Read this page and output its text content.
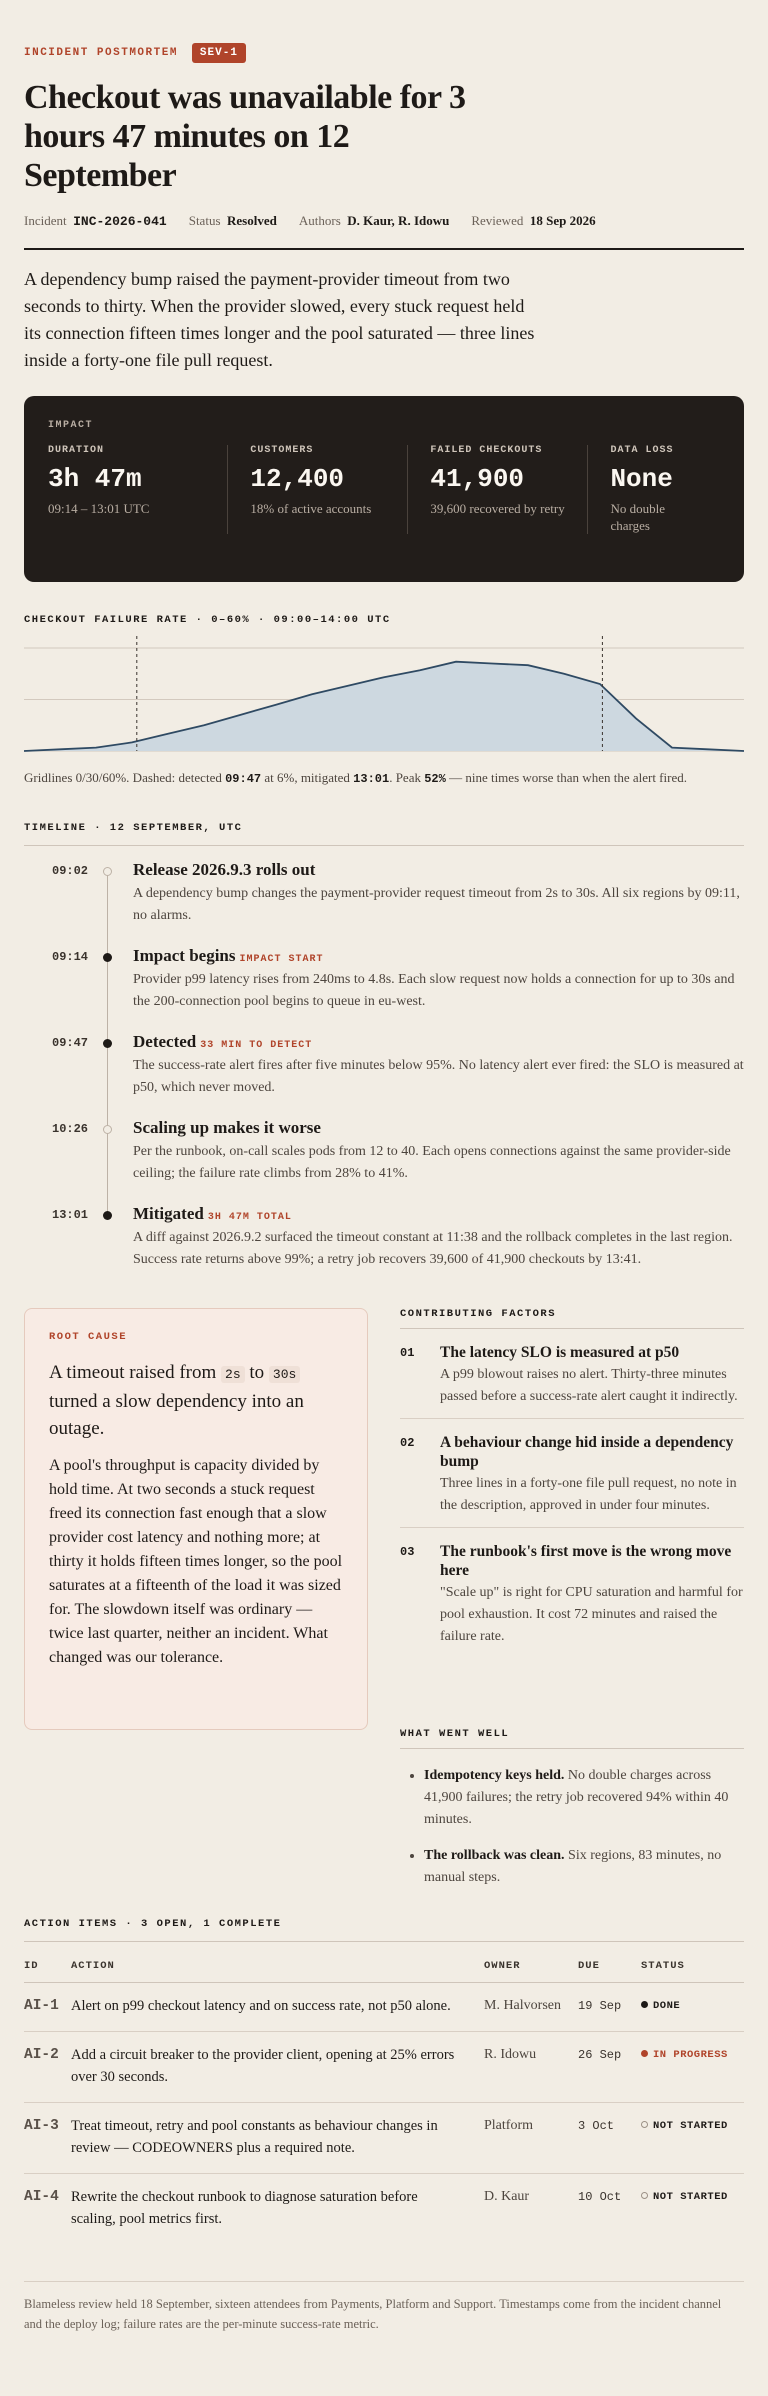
INCIDENT POSTMORTEM	SEV-1
Checkout was unavailable for 3 hours 47 minutes on 12 September
Incident INC-2026-041 Status Resolved Authors D. Kaur, R. Idowu Reviewed 18 Sep 2026

A dependency bump raised the payment-provider timeout from two seconds to thirty. When the provider slowed, every stuck request held its connection fifteen times longer and the pool saturated — three lines inside a forty-one file pull request.

IMPACT
DURATION
3h 47m
09:14 – 13:01 UTC
CUSTOMERS
12,400
18% of active accounts
FAILED CHECKOUTS
41,900
39,600 recovered by retry
DATA LOSS
None
No double charges
CHECKOUT FAILURE RATE · 0–60% · 09:00–14:00 UTC

Gridlines 0/30/60%. Dashed: detected 09:47 at 6%, mitigated 13:01. Peak 52% — nine times worse than when the alert fired.

TIMELINE · 12 SEPTEMBER, UTC
09:02	Release 2026.9.3 rolls out
A dependency bump changes the payment-provider request timeout from 2s to 30s. All six regions by 09:11, no alarms.
09:14	Impact begins IMPACT START
Provider p99 latency rises from 240ms to 4.8s. Each slow request now holds a connection for up to 30s and the 200-connection pool begins to queue in eu-west.
09:47	Detected 33 MIN TO DETECT
The success-rate alert fires after five minutes below 95%. No latency alert ever fired: the SLO is measured at p50, which never moved.
10:26	Scaling up makes it worse
Per the runbook, on-call scales pods from 12 to 40. Each opens connections against the same provider-side ceiling; the failure rate climbs from 28% to 41%.
13:01	Mitigated 3H 47M TOTAL
A diff against 2026.9.2 surfaced the timeout constant at 11:38 and the rollback completes in the last region. Success rate returns above 99%; a retry job recovers 39,600 of 41,900 checkouts by 13:41.
ROOT CAUSE
A timeout raised from 2s to 30s turned a slow dependency into an outage.

A pool's throughput is capacity divided by hold time. At two seconds a stuck request freed its connection fast enough that a slow provider cost latency and nothing more; at thirty it holds fifteen times longer, so the pool saturates at a fifteenth of the load it was sized for. The slowdown itself was ordinary — twice last quarter, neither an incident. What changed was our tolerance.

CONTRIBUTING FACTORS
01	The latency SLO is measured at p50
A p99 blowout raises no alert. Thirty-three minutes passed before a success-rate alert caught it indirectly.
02	A behaviour change hid inside a dependency bump
Three lines in a forty-one file pull request, no note in the description, approved in under four minutes.
03	The runbook's first move is the wrong move here
"Scale up" is right for CPU saturation and harmful for pool exhaustion. It cost 72 minutes and raised the failure rate.
WHAT WENT WELL
• Idempotency keys held. No double charges across 41,900 failures; the retry job recovered 94% within 40 minutes.
• The rollback was clean. Six regions, 83 minutes, no manual steps.
ACTION ITEMS · 3 OPEN, 1 COMPLETE
ID	ACTION	OWNER	DUE	STATUS
AI-1	Alert on p99 checkout latency and on success rate, not p50 alone.	M. Halvorsen	19 Sep	DONE
AI-2	Add a circuit breaker to the provider client, opening at 25% errors over 30 seconds.	R. Idowu	26 Sep	IN PROGRESS
AI-3	Treat timeout, retry and pool constants as behaviour changes in review — CODEOWNERS plus a required note.	Platform	3 Oct	NOT STARTED
AI-4	Rewrite the checkout runbook to diagnose saturation before scaling, pool metrics first.	D. Kaur	10 Oct	NOT STARTED

Blameless review held 18 September, sixteen attendees from Payments, Platform and Support. Timestamps come from the incident channel and the deploy log; failure rates are the per-minute success-rate metric.
